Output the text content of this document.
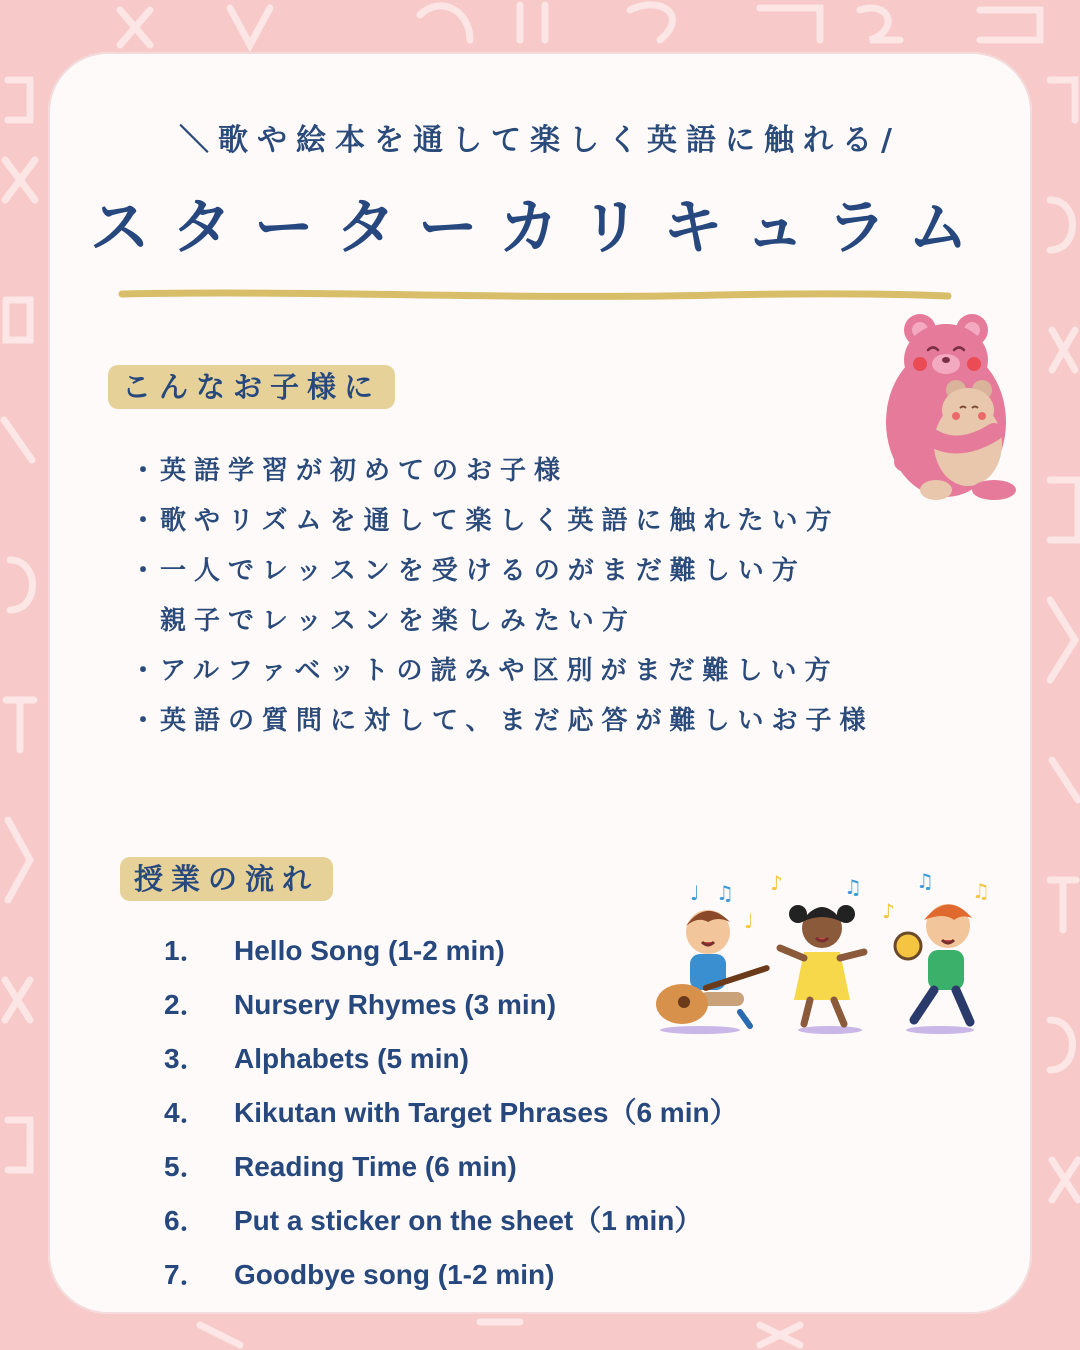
＼歌や絵本を通して楽しく英語に触れる/
スターターカリキュラム
こんなお子様に
・ 英語学習が初めてのお子様
・ 歌やリズムを通して楽しく英語に触れたい方
・ 一人でレッスンを受けるのがまだ難しい方
親子でレッスンを楽しみたい方
・ アルファベットの読みや区別がまだ難しい方
・ 英語の質問に対して、まだ応答が難しいお子様
授業の流れ
1． Hello Song (1-2 min)
2． Nursery Rhymes (3 min)
3． Alphabets (5 min)
4． Kikutan with Target Phrases（6 min）
5． Reading Time (6 min)
6． Put a sticker on the sheet（1 min）
7． Goodbye song (1-2 min)
♪
♩ ♫
♩
♫
♪
♫ ♫
